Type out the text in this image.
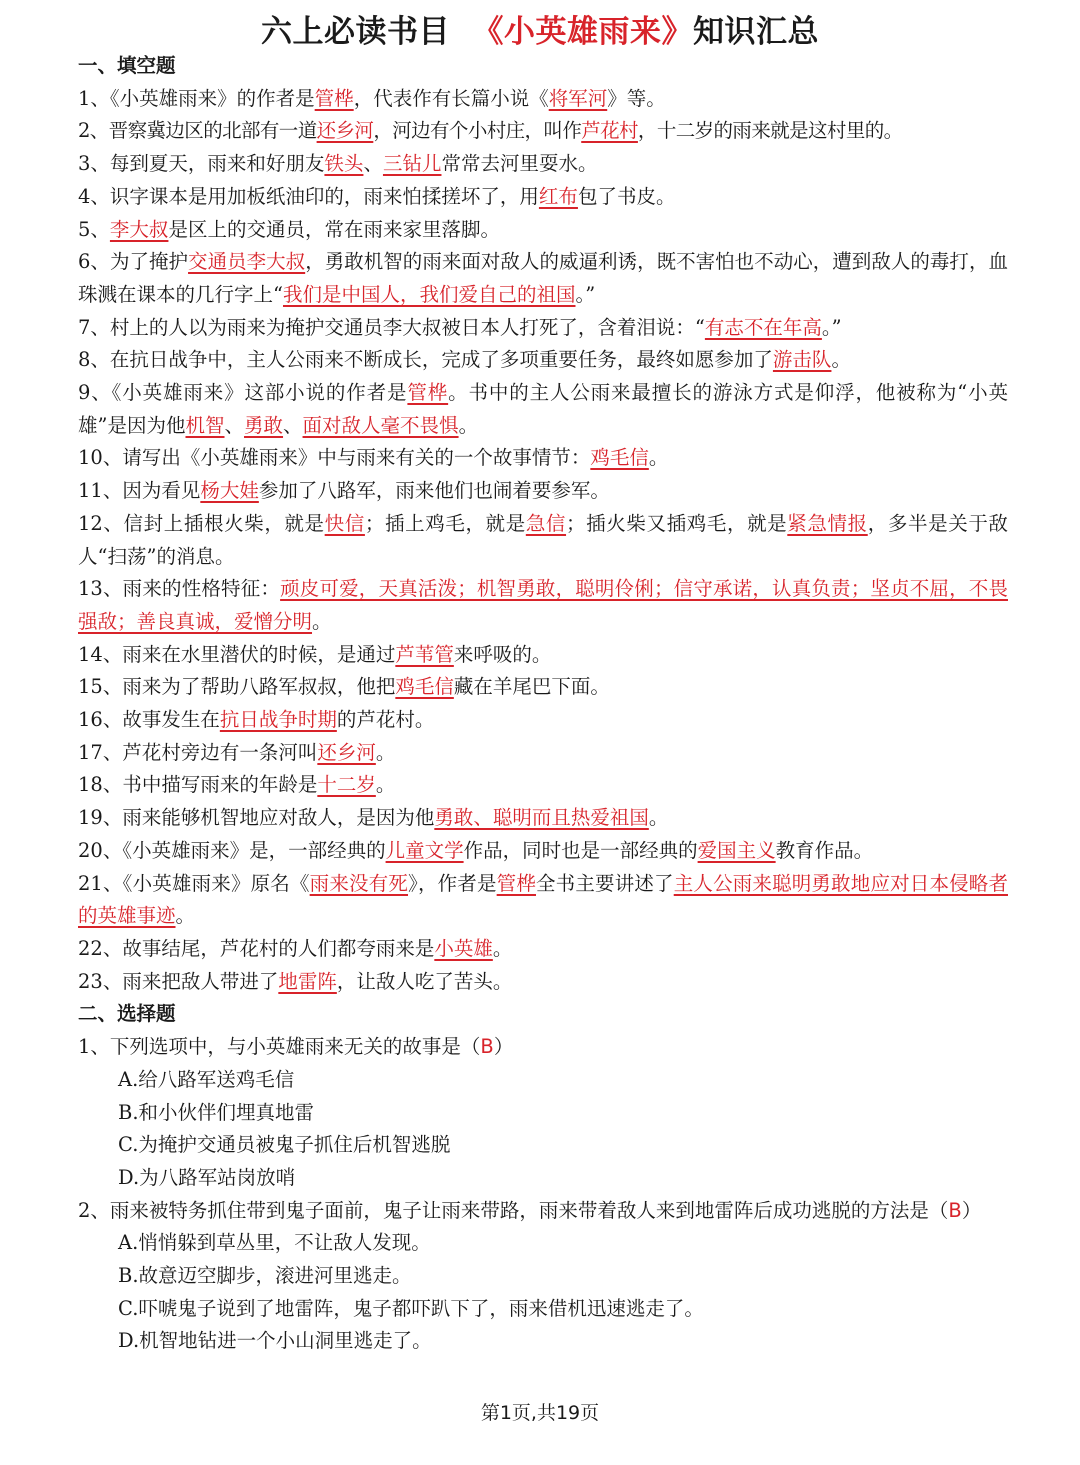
六上必读书目 《小英雄雨来》知识汇总
一、填空题
1、《小英雄雨来》的作者是管桦，代表作有长篇小说《将军河》等。
2、晋察冀边区的北部有一道还乡河，河边有个小村庄，叫作芦花村，十二岁的雨来就是这村里的。
3、每到夏天，雨来和好朋友铁头、三钻儿常常去河里耍水。
4、识字课本是用加板纸油印的，雨来怕揉搓坏了，用红布包了书皮。
5、李大叔是区上的交通员，常在雨来家里落脚。
6、为了掩护交通员李大叔，勇敢机智的雨来面对敌人的威逼利诱，既不害怕也不动心，遭到敌人的毒打，血珠溅在课本的几行字上“我们是中国人，我们爱自己的祖国。”
7、村上的人以为雨来为掩护交通员李大叔被日本人打死了，含着泪说：“有志不在年高。”
8、在抗日战争中，主人公雨来不断成长，完成了多项重要任务，最终如愿参加了游击队。
9、《小英雄雨来》这部小说的作者是管桦。书中的主人公雨来最擅长的游泳方式是仰浮，他被称为“小英雄”是因为他机智、勇敢、面对敌人毫不畏惧。
10、请写出《小英雄雨来》中与雨来有关的一个故事情节：鸡毛信。
11、因为看见杨大娃参加了八路军，雨来他们也闹着要参军。
12、信封上插根火柴，就是快信；插上鸡毛，就是急信；插火柴又插鸡毛，就是紧急情报，多半是关于敌人“扫荡”的消息。
13、雨来的性格特征：顽皮可爱，天真活泼；机智勇敢，聪明伶俐；信守承诺，认真负责；坚贞不屈，不畏强敌；善良真诚，爱憎分明。
14、雨来在水里潜伏的时候，是通过芦苇管来呼吸的。
15、雨来为了帮助八路军叔叔，他把鸡毛信藏在羊尾巴下面。
16、故事发生在抗日战争时期的芦花村。
17、芦花村旁边有一条河叫还乡河。
18、书中描写雨来的年龄是十二岁。
19、雨来能够机智地应对敌人，是因为他勇敢、聪明而且热爱祖国。
20、《小英雄雨来》是，一部经典的儿童文学作品，同时也是一部经典的爱国主义教育作品。
21、《小英雄雨来》原名《雨来没有死》，作者是管桦全书主要讲述了主人公雨来聪明勇敢地应对日本侵略者的英雄事迹。
22、故事结尾，芦花村的人们都夸雨来是小英雄。
23、雨来把敌人带进了地雷阵，让敌人吃了苦头。
二、选择题
1、下列选项中，与小英雄雨来无关的故事是（B）
A.给八路军送鸡毛信
B.和小伙伴们埋真地雷
C.为掩护交通员被鬼子抓住后机智逃脱
D.为八路军站岗放哨
2、雨来被特务抓住带到鬼子面前，鬼子让雨来带路，雨来带着敌人来到地雷阵后成功逃脱的方法是（B）
A.悄悄躲到草丛里，不让敌人发现。
B.故意迈空脚步，滚进河里逃走。
C.吓唬鬼子说到了地雷阵，鬼子都吓趴下了，雨来借机迅速逃走了。
D.机智地钻进一个小山洞里逃走了。
第1页,共19页
